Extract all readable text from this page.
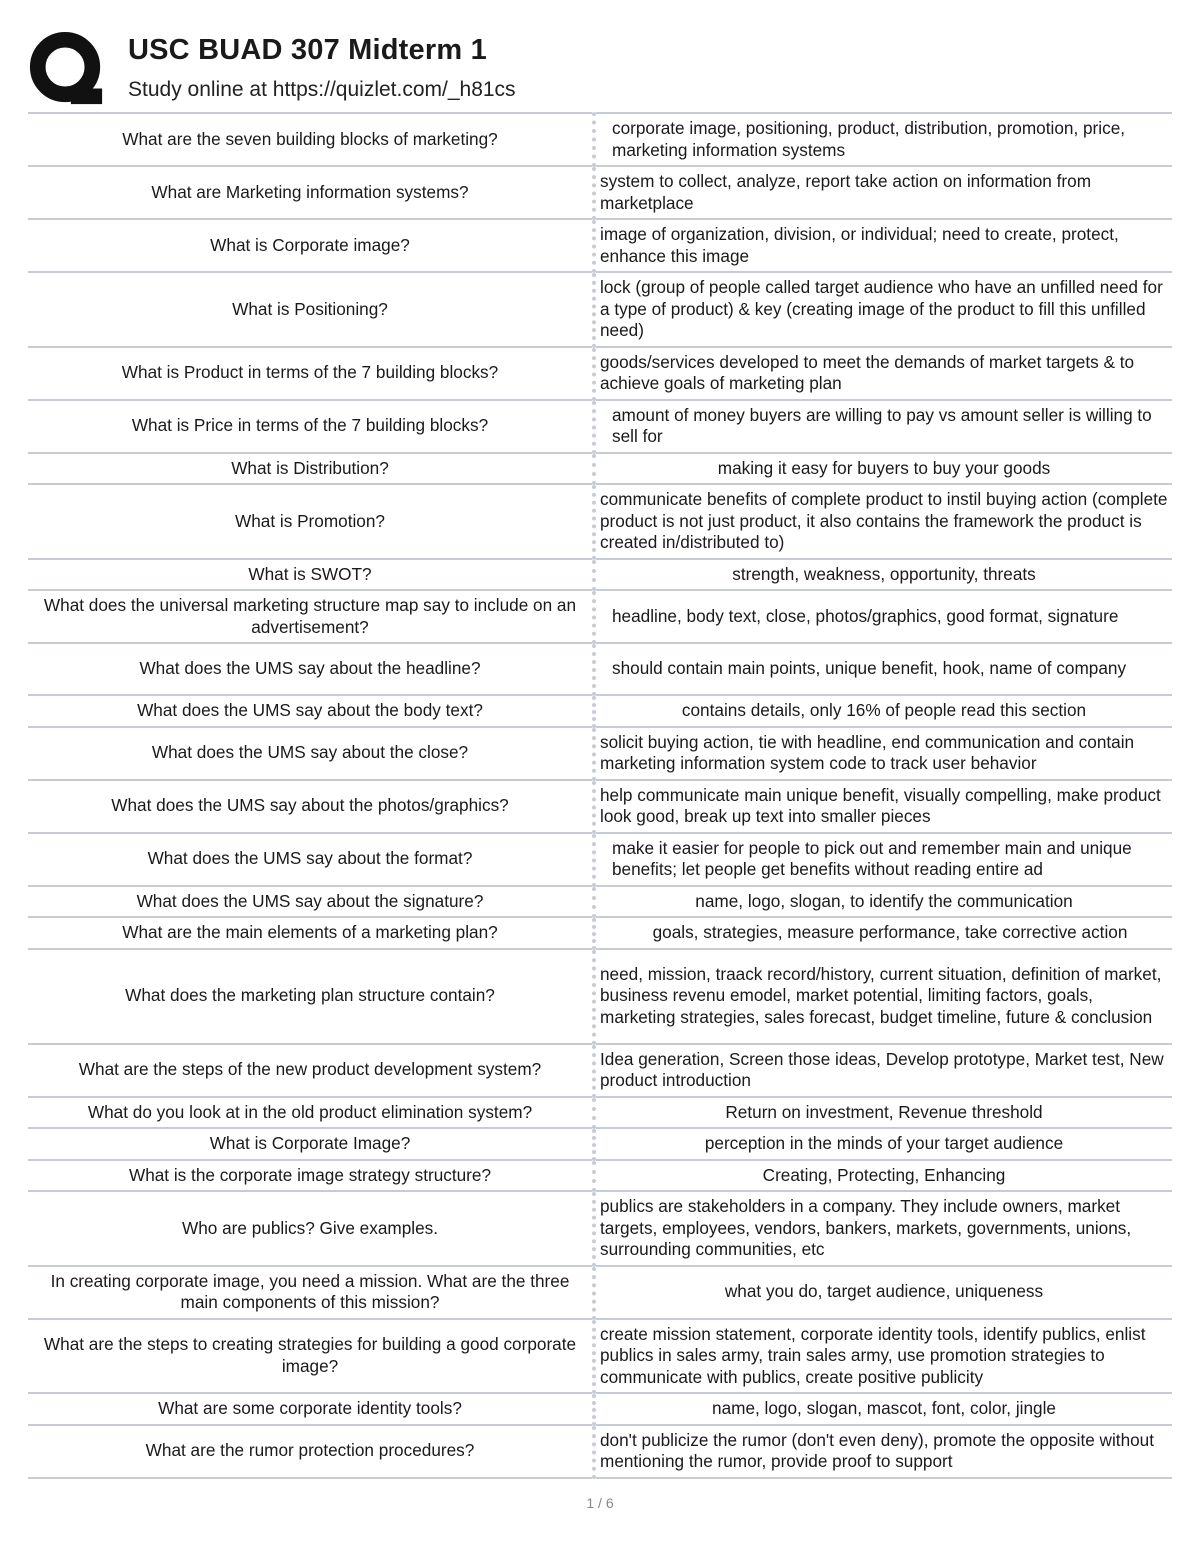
USC BUAD 307 Midterm 1
Study online at https://quizlet.com/_h81cs
What are the seven building blocks of marketing?	corporate image, positioning, product, distribution, promotion, price, marketing information systems
What are Marketing information systems?	system to collect, analyze, report take action on information from marketplace
What is Corporate image?	image of organization, division, or individual; need to create, protect, enhance this image
What is Positioning?	lock (group of people called target audience who have an unfilled need for a type of product) & key (creating image of the product to fill this unfilled need)
What is Product in terms of the 7 building blocks?	goods/services developed to meet the demands of market targets & to achieve goals of marketing plan
What is Price in terms of the 7 building blocks?	amount of money buyers are willing to pay vs amount seller is willing to sell for
What is Distribution?	making it easy for buyers to buy your goods
What is Promotion?	communicate benefits of complete product to instil buying action (complete product is not just product, it also contains the framework the product is created in/distributed to)
What is SWOT?	strength, weakness, opportunity, threats
What does the universal marketing structure map say to include on an advertisement?	headline, body text, close, photos/graphics, good format, signature
What does the UMS say about the headline?	should contain main points, unique benefit, hook, name of company
What does the UMS say about the body text?	contains details, only 16% of people read this section
What does the UMS say about the close?	solicit buying action, tie with headline, end communication and contain marketing information system code to track user behavior
What does the UMS say about the photos/graphics?	help communicate main unique benefit, visually compelling, make product look good, break up text into smaller pieces
What does the UMS say about the format?	make it easier for people to pick out and remember main and unique benefits; let people get benefits without reading entire ad
What does the UMS say about the signature?	name, logo, slogan, to identify the communication
What are the main elements of a marketing plan?	goals, strategies, measure performance, take corrective action
What does the marketing plan structure contain?	need, mission, traack record/history, current situation, definition of market, business revenu emodel, market potential, limiting factors, goals, marketing strategies, sales forecast, budget timeline, future & conclusion
What are the steps of the new product development system?	Idea generation, Screen those ideas, Develop prototype, Market test, New product introduction
What do you look at in the old product elimination system?	Return on investment, Revenue threshold
What is Corporate Image?	perception in the minds of your target audience
What is the corporate image strategy structure?	Creating, Protecting, Enhancing
Who are publics? Give examples.	publics are stakeholders in a company. They include owners, market targets, employees, vendors, bankers, markets, governments, unions, surrounding communities, etc
In creating corporate image, you need a mission. What are the three main components of this mission?	what you do, target audience, uniqueness
What are the steps to creating strategies for building a good corporate image?	create mission statement, corporate identity tools, identify publics, enlist publics in sales army, train sales army, use promotion strategies to communicate with publics, create positive publicity
What are some corporate identity tools?	name, logo, slogan, mascot, font, color, jingle
What are the rumor protection procedures?	don't publicize the rumor (don't even deny), promote the opposite without mentioning the rumor, provide proof to support
1 / 6
